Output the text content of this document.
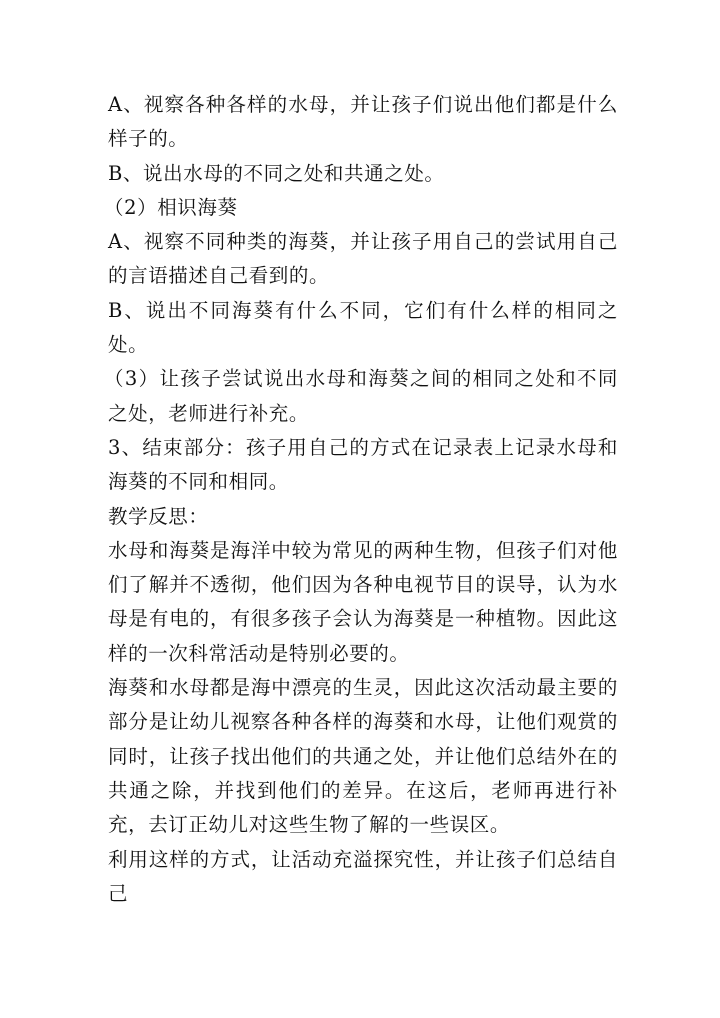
A、视察各种各样的水母，并让孩子们说出他们都是什么样子的。

B、说出水母的不同之处和共通之处。

（2）相识海葵

A、视察不同种类的海葵，并让孩子用自己的尝试用自己的言语描述自己看到的。

B、说出不同海葵有什么不同，它们有什么样的相同之处。

（3）让孩子尝试说出水母和海葵之间的相同之处和不同之处，老师进行补充。

3、结束部分：孩子用自己的方式在记录表上记录水母和海葵的不同和相同。

教学反思：

水母和海葵是海洋中较为常见的两种生物，但孩子们对他们了解并不透彻，他们因为各种电视节目的误导，认为水母是有电的，有很多孩子会认为海葵是一种植物。因此这样的一次科常活动是特别必要的。

海葵和水母都是海中漂亮的生灵，因此这次活动最主要的部分是让幼儿视察各种各样的海葵和水母，让他们观赏的同时，让孩子找出他们的共通之处，并让他们总结外在的共通之除，并找到他们的差异。在这后，老师再进行补充，去订正幼儿对这些生物了解的一些误区。

利用这样的方式，让活动充溢探究性，并让孩子们总结自己
